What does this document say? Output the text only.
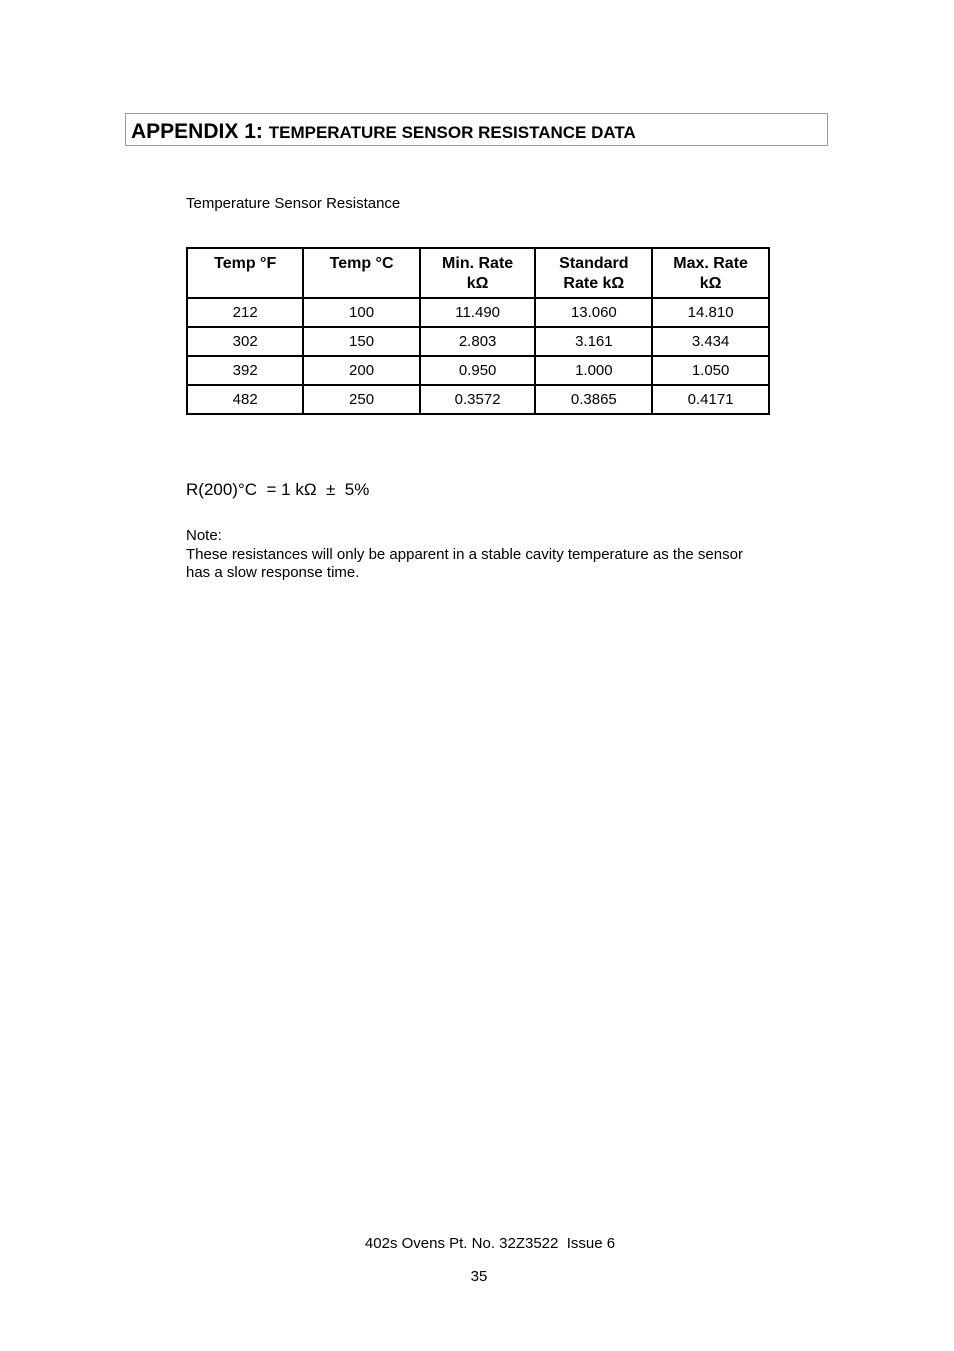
APPENDIX 1: TEMPERATURE SENSOR RESISTANCE DATA
Temperature Sensor Resistance
Temp °F	Temp °C	Min. Rate kΩ	Standard Rate kΩ	Max. Rate kΩ

212	100	11.490	13.060	14.810
302	150	2.803	3.161	3.434
392	200	0.950	1.000	1.050
482	250	0.3572	0.3865	0.4171
R(200)°C  = 1 kΩ  ±  5%
Note:
These resistances will only be apparent in a stable cavity temperature as the sensor has a slow response time.
402s Ovens Pt. No. 32Z3522  Issue 6
35
